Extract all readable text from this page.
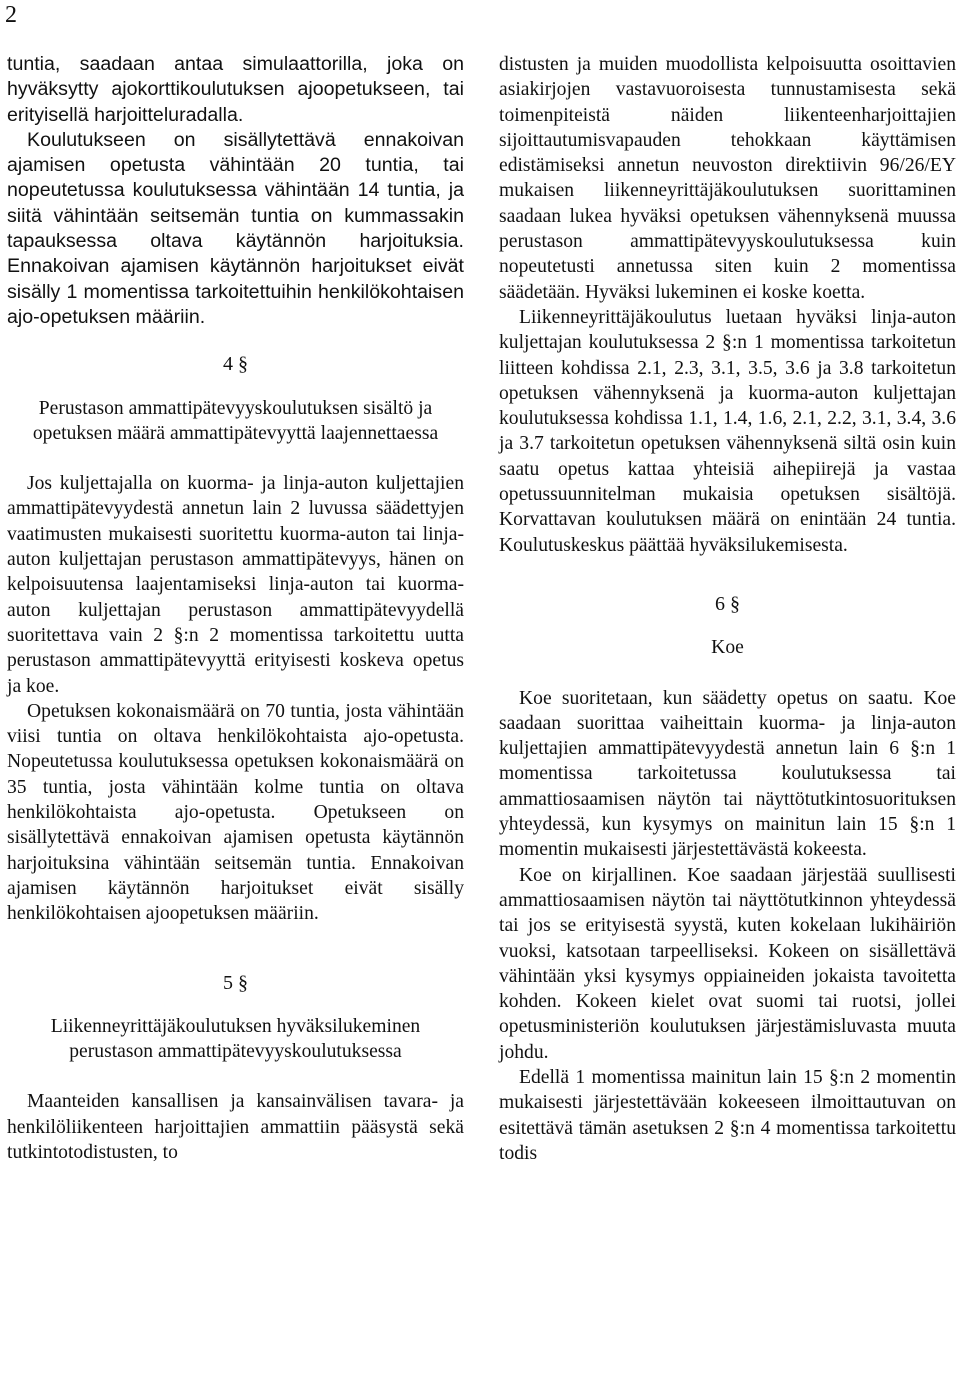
2

tuntia, saadaan antaa simulaattorilla, joka on hyväksytty ajokorttikoulutuksen ajoopetukseen, tai erityisellä harjoitteluradalla.

Koulutukseen on sisällytettävä ennakoivan ajamisen opetusta vähintään 20 tuntia, tai nopeutetussa koulutuksessa vähintään 14 tuntia, ja siitä vähintään seitsemän tuntia on kummassakin tapauksessa oltava käytännön harjoituksia. Ennakoivan ajamisen käytännön harjoitukset eivät sisälly 1 momentissa tarkoitettuihin henkilökohtaisen ajo-opetuksen määriin.

4 §
Perustason ammattipätevyyskoulutuksen sisältö ja opetuksen määrä ammattipätevyyttä laajennettaessa

Jos kuljettajalla on kuorma- ja linja-auton kuljettajien ammattipätevyydestä annetun lain 2 luvussa säädettyjen vaatimusten mukaisesti suoritettu kuorma-auton tai linjaauton kuljettajan perustason ammattipätevyys, hänen on kelpoisuutensa laajentamiseksi linja-auton tai kuorma-auton kuljettajan perustason ammattipätevyydellä suoritettava vain 2 §:n 2 momentissa tarkoitettu uutta perustason ammattipätevyyttä erityisesti koskeva opetus ja koe.

Opetuksen kokonaismäärä on 70 tuntia, josta vähintään viisi tuntia on oltava henkilökohtaista ajo-opetusta. Nopeutetussa koulutuksessa opetuksen kokonaismäärä on 35 tuntia, josta vähintään kolme tuntia on oltava henkilökohtaista ajo-opetusta. Opetukseen on sisällytettävä ennakoivan ajamisen opetusta käytännön harjoituksina vähintään seitsemän tuntia. Ennakoivan ajamisen käytännön harjoitukset eivät sisälly henkilökohtaisen ajoopetuksen määriin.

5 §
Liikenneyrittäjäkoulutuksen hyväksilukeminen perustason ammattipätevyyskoulutuksessa

Maanteiden kansallisen ja kansainvälisen tavara- ja henkilöliikenteen harjoittajien ammattiin pääsystä sekä tutkintotodistusten, to

distusten ja muiden muodollista kelpoisuutta osoittavien asiakirjojen vastavuoroisesta tunnustamisesta sekä toimenpiteistä näiden liikenteenharjoittajien sijoittautumisvapauden tehokkaan käyttämisen edistämiseksi annetun neuvoston direktiivin 96/26/EY mukaisen liikenneyrittäjäkoulutuksen suorittaminen saadaan lukea hyväksi opetuksen vähennyksenä muussa perustason ammattipätevyyskoulutuksessa kuin nopeutetusti annetussa siten kuin 2 momentissa säädetään. Hyväksi lukeminen ei koske koetta.

Liikenneyrittäjäkoulutus luetaan hyväksi linja-auton kuljettajan koulutuksessa 2 §:n 1 momentissa tarkoitetun liitteen kohdissa 2.1, 2.3, 3.1, 3.5, 3.6 ja 3.8 tarkoitetun opetuksen vähennyksenä ja kuorma-auton kuljettajan koulutuksessa kohdissa 1.1, 1.4, 1.6, 2.1, 2.2, 3.1, 3.4, 3.6 ja 3.7 tarkoitetun opetuksen vähennyksenä siltä osin kuin saatu opetus kattaa yhteisiä aihepiirejä ja vastaa opetussuunnitelman mukaisia opetuksen sisältöjä. Korvattavan koulutuksen määrä on enintään 24 tuntia. Koulutuskeskus päättää hyväksilukemisesta.

6 §
Koe

Koe suoritetaan, kun säädetty opetus on saatu. Koe saadaan suorittaa vaiheittain kuorma- ja linja-auton kuljettajien ammattipätevyydestä annetun lain 6 §:n 1 momentissa tarkoitetussa koulutuksessa tai ammattiosaamisen näytön tai näyttötutkintosuorituksen yhteydessä, kun kysymys on mainitun lain 15 §:n 1 momentin mukaisesti järjestettävästä kokeesta.

Koe on kirjallinen. Koe saadaan järjestää suullisesti ammattiosaamisen näytön tai näyttötutkinnon yhteydessä tai jos se erityisestä syystä, kuten kokelaan lukihäiriön vuoksi, katsotaan tarpeelliseksi. Kokeen on sisällettävä vähintään yksi kysymys oppiaineiden jokaista tavoitetta kohden. Kokeen kielet ovat suomi tai ruotsi, jollei opetusministeriön koulutuksen järjestämisluvasta muuta johdu.

Edellä 1 momentissa mainitun lain 15 §:n 2 momentin mukaisesti järjestettävään kokeeseen ilmoittautuvan on esitettävä tämän asetuksen 2 §:n 4 momentissa tarkoitettu todis
